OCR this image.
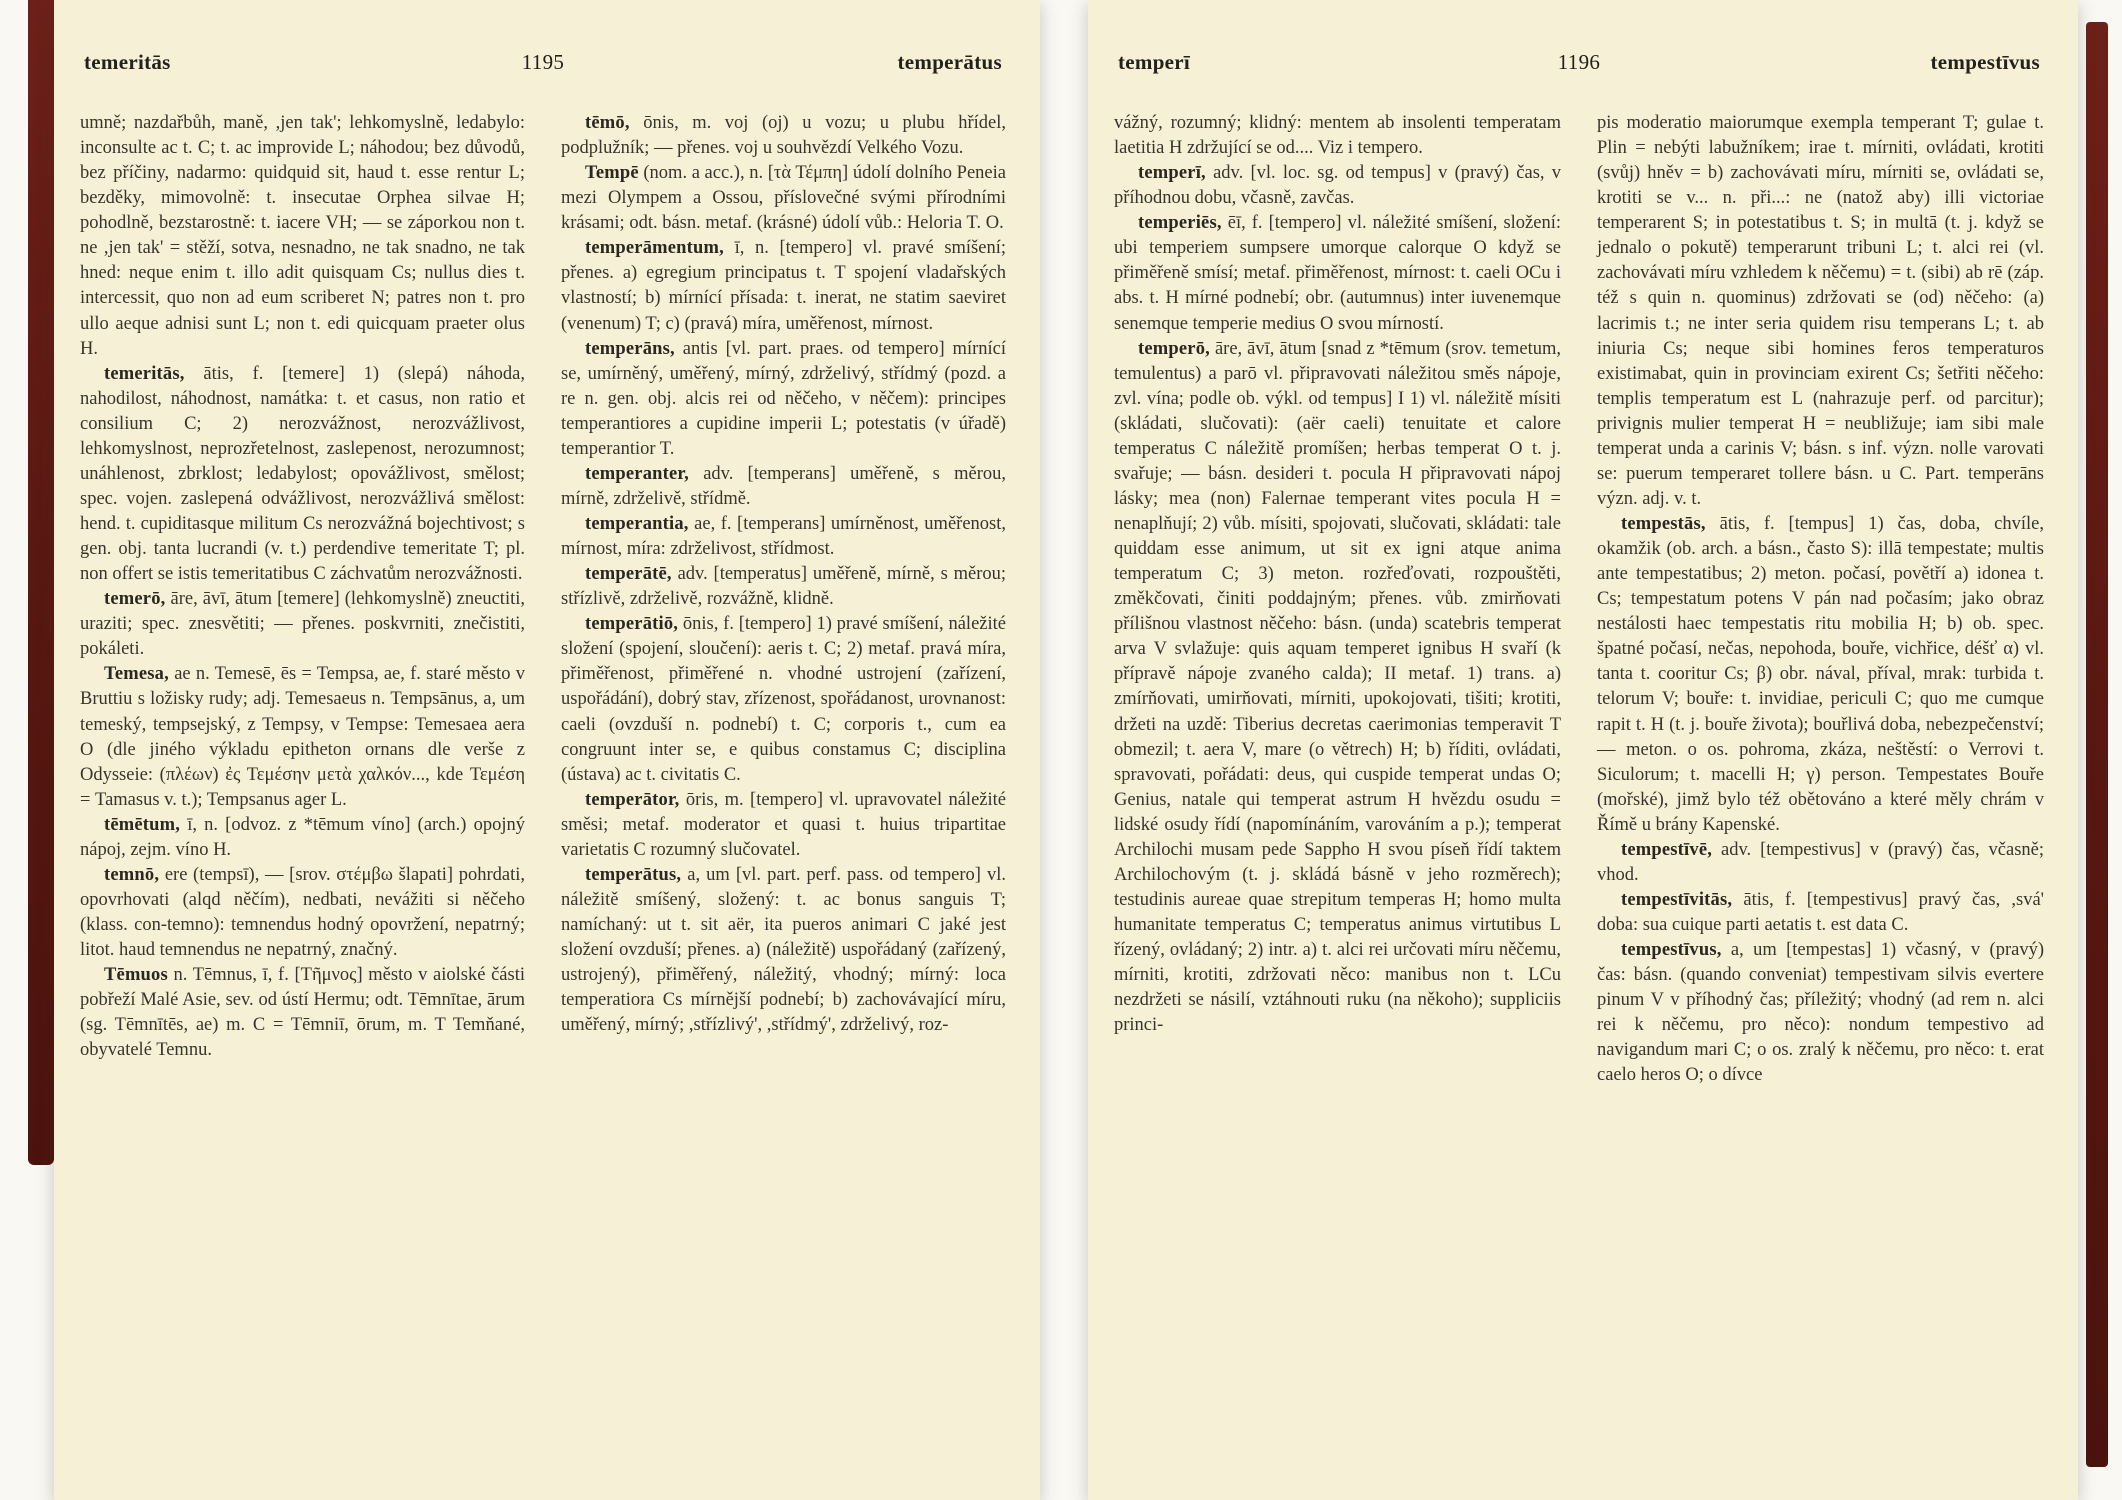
temeritās	1195	temperātus

umně; nazdařbůh, maně, ,jen tak'; lehkomyslně, ledabylo: inconsulte ac t. C; t. ac improvide L; náhodou; bez důvodů, bez příčiny, nadarmo: quidquid sit, haud t. esse rentur L; bezděky, mimovolně: t. insecutae Orphea silvae H; pohodlně, bezstarostně: t. iacere VH; — se záporkou non t. ne ,jen tak' = stěží, sotva, nesnadno, ne tak snadno, ne tak hned: neque enim t. illo adit quisquam Cs; nullus dies t. intercessit, quo non ad eum scriberet N; patres non t. pro ullo aeque adnisi sunt L; non t. edi quicquam praeter olus H.

temeritās, ātis, f. [temere] 1) (slepá) náhoda, nahodilost, náhodnost, namátka: t. et casus, non ratio et consilium C; 2) nerozvážnost, nerozvážlivost, lehkomyslnost, neprozřetelnost, zaslepenost, nerozumnost; unáhlenost, zbrklost; ledabylost; opovážlivost, smělost; spec. vojen. zaslepená odvážlivost, nerozvážlivá smělost: hend. t. cupiditasque militum Cs nerozvážná bojechtivost; s gen. obj. tanta lucrandi (v. t.) perdendive temeritate T; pl. non offert se istis temeritatibus C záchvatům nerozvážnosti.

temerō, āre, āvī, ātum [temere] (lehkomyslně) zneuctiti, uraziti; spec. znesvětiti; — přenes. poskvrniti, znečistiti, pokáleti.

Temesa, ae n. Temesē, ēs = Tempsa, ae, f. staré město v Bruttiu s ložisky rudy; adj. Temesaeus n. Tempsānus, a, um temeský, tempsejský, z Tempsy, v Tempse: Temesaea aera O (dle jiného výkladu epitheton ornans dle verše z Odysseie: (πλέων) ἐς Τεμέσην μετὰ χαλκόν..., kde Τεμέση = Tamasus v. t.); Tempsanus ager L.

tēmētum, ī, n. [odvoz. z *tēmum víno] (arch.) opojný nápoj, zejm. víno H.

temnō, ere (tempsī), — [srov. στέμβω šlapati] pohrdati, opovrhovati (alqd něčím), nedbati, nevážiti si něčeho (klass. con-temno): temnendus hodný opovržení, nepatrný; litot. haud temnendus ne nepatrný, značný.

Tēmuos n. Tēmnus, ī, f. [Τῆμνος] město v aiolské části pobřeží Malé Asie, sev. od ústí Hermu; odt. Tēmnītae, ārum (sg. Tēmnītēs, ae) m. C = Tēmniī, ōrum, m. T Temňané, obyvatelé Temnu.

tēmō, ōnis, m. voj (oj) u vozu; u plubu hřídel, podplužník; — přenes. voj u souhvězdí Velkého Vozu.

Tempē (nom. a acc.), n. [τὰ Τέμπη] údolí dolního Peneia mezi Olympem a Ossou, příslovečné svými přírodními krásami; odt. básn. metaf. (krásné) údolí vůb.: Heloria T. O.

temperāmentum, ī, n. [tempero] vl. pravé smíšení; přenes. a) egregium principatus t. T spojení vladařských vlastností; b) mírnící přísada: t. inerat, ne statim saeviret (venenum) T; c) (pravá) míra, uměřenost, mírnost.

temperāns, antis [vl. part. praes. od tempero] mírnící se, umírněný, uměřený, mírný, zdrželivý, střídmý (pozd. a re n. gen. obj. alcis rei od něčeho, v něčem): principes temperantiores a cupidine imperii L; potestatis (v úřadě) temperantior T.

temperanter, adv. [temperans] uměřeně, s měrou, mírně, zdrželivě, střídmě.

temperantia, ae, f. [temperans] umírněnost, uměřenost, mírnost, míra: zdrželivost, střídmost.

temperātē, adv. [temperatus] uměřeně, mírně, s měrou; střízlivě, zdrželivě, rozvážně, klidně.

temperātiō, ōnis, f. [tempero] 1) pravé smíšení, náležité složení (spojení, sloučení): aeris t. C; 2) metaf. pravá míra, přiměřenost, přiměřené n. vhodné ustrojení (zařízení, uspořádání), dobrý stav, zřízenost, spořádanost, urovnanost: caeli (ovzduší n. podnebí) t. C; corporis t., cum ea congruunt inter se, e quibus constamus C; disciplina (ústava) ac t. civitatis C.

temperātor, ōris, m. [tempero] vl. upravovatel náležité směsi; metaf. moderator et quasi t. huius tripartitae varietatis C rozumný slučovatel.

temperātus, a, um [vl. part. perf. pass. od tempero] vl. náležitě smíšený, složený: t. ac bonus sanguis T; namíchaný: ut t. sit aër, ita pueros animari C jaké jest složení ovzduší; přenes. a) (náležitě) uspořádaný (zařízený, ustrojený), přiměřený, náležitý, vhodný; mírný: loca temperatiora Cs mírnější podnebí; b) zachovávající míru, uměřený, mírný; ,střízlivý', ,střídmý', zdrželivý, roz-

temperī	1196	tempestīvus

vážný, rozumný; klidný: mentem ab insolenti temperatam laetitia H zdržující se od.... Viz i tempero.

temperī, adv. [vl. loc. sg. od tempus] v (pravý) čas, v příhodnou dobu, včasně, zavčas.

temperiēs, ēī, f. [tempero] vl. náležité smíšení, složení: ubi temperiem sumpsere umorque calorque O když se přiměřeně smísí; metaf. přiměřenost, mírnost: t. caeli OCu i abs. t. H mírné podnebí; obr. (autumnus) inter iuvenemque senemque temperie medius O svou mírností.

temperō, āre, āvī, ātum [snad z *tēmum (srov. temetum, temulentus) a parō vl. připravovati náležitou směs nápoje, zvl. vína; podle ob. výkl. od tempus] I 1) vl. náležitě mísiti (skládati, slučovati): (aër caeli) tenuitate et calore temperatus C náležitě promíšen; herbas temperat O t. j. svařuje; — básn. desideri t. pocula H připravovati nápoj lásky; mea (non) Falernae temperant vites pocula H = nenaplňují; 2) vůb. mísiti, spojovati, slučovati, skládati: tale quiddam esse animum, ut sit ex igni atque anima temperatum C; 3) meton. rozřeďovati, rozpouštěti, změkčovati, činiti poddajným; přenes. vůb. zmirňovati přílišnou vlastnost něčeho: básn. (unda) scatebris temperat arva V svlažuje: quis aquam temperet ignibus H svaří (k přípravě nápoje zvaného calda); II metaf. 1) trans. a) zmírňovati, umirňovati, mírniti, upokojovati, tišiti; krotiti, držeti na uzdě: Tiberius decretas caerimonias temperavit T obmezil; t. aera V, mare (o větrech) H; b) říditi, ovládati, spravovati, pořádati: deus, qui cuspide temperat undas O; Genius, natale qui temperat astrum H hvězdu osudu = lidské osudy řídí (napomínáním, varováním a p.); temperat Archilochi musam pede Sappho H svou píseň řídí taktem Archilochovým (t. j. skládá básně v jeho rozměrech); testudinis aureae quae strepitum temperas H; homo multa humanitate temperatus C; temperatus animus virtutibus L řízený, ovládaný; 2) intr. a) t. alci rei určovati míru něčemu, mírniti, krotiti, zdržovati něco: manibus non t. LCu nezdržeti se násilí, vztáhnouti ruku (na někoho); suppliciis princi-

pis moderatio maiorumque exempla temperant T; gulae t. Plin = nebýti labužníkem; irae t. mírniti, ovládati, krotiti (svůj) hněv = b) zachovávati míru, mírniti se, ovládati se, krotiti se v... n. při...: ne (natož aby) illi victoriae temperarent S; in potestatibus t. S; in multā (t. j. když se jednalo o pokutě) temperarunt tribuni L; t. alci rei (vl. zachovávati míru vzhledem k něčemu) = t. (sibi) ab rē (záp. též s quin n. quominus) zdržovati se (od) něčeho: (a) lacrimis t.; ne inter seria quidem risu temperans L; t. ab iniuria Cs; neque sibi homines feros temperaturos existimabat, quin in provinciam exirent Cs; šetřiti něčeho: templis temperatum est L (nahrazuje perf. od parcitur); privignis mulier temperat H = neubližuje; iam sibi male temperat unda a carinis V; básn. s inf. význ. nolle varovati se: puerum temperaret tollere básn. u C. Part. temperāns význ. adj. v. t.

tempestās, ātis, f. [tempus] 1) čas, doba, chvíle, okamžik (ob. arch. a básn., často S): illā tempestate; multis ante tempestatibus; 2) meton. počasí, povětří a) idonea t. Cs; tempestatum potens V pán nad počasím; jako obraz nestálosti haec tempestatis ritu mobilia H; b) ob. spec. špatné počasí, nečas, nepohoda, bouře, vichřice, déšť α) vl. tanta t. cooritur Cs; β) obr. nával, příval, mrak: turbida t. telorum V; bouře: t. invidiae, periculi C; quo me cumque rapit t. H (t. j. bouře života); bouřlivá doba, nebezpečenství; — meton. o os. pohroma, zkáza, neštěstí: o Verrovi t. Siculorum; t. macelli H; γ) person. Tempestates Bouře (mořské), jimž bylo též obětováno a které měly chrám v Římě u brány Kapenské.

tempestīvē, adv. [tempestivus] v (pravý) čas, včasně; vhod.

tempestīvitās, ātis, f. [tempestivus] pravý čas, ,svá' doba: sua cuique parti aetatis t. est data C.

tempestīvus, a, um [tempestas] 1) včasný, v (pravý) čas: básn. (quando conveniat) tempestivam silvis evertere pinum V v příhodný čas; příležitý; vhodný (ad rem n. alci rei k něčemu, pro něco): nondum tempestivo ad navigandum mari C; o os. zralý k něčemu, pro něco: t. erat caelo heros O; o dívce
